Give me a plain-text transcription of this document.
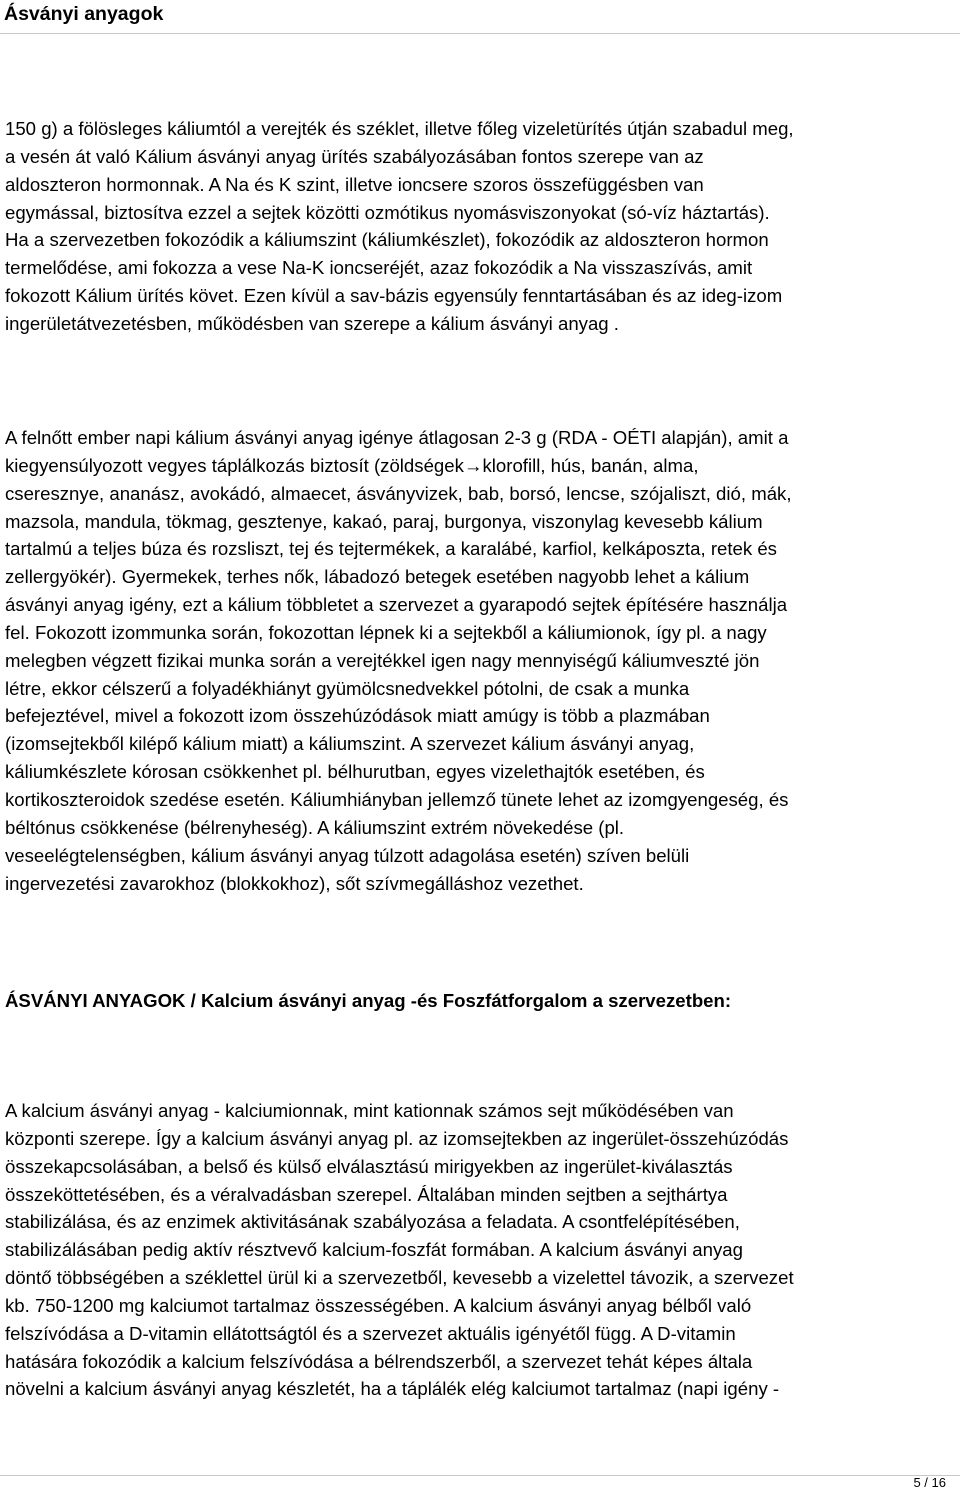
Ásványi anyagok
150 g) a fölösleges káliumtól a verejték és széklet, illetve főleg vizeletürítés útján szabadul meg,
a vesén át való Kálium ásványi anyag ürítés szabályozásában fontos szerepe van az
aldoszteron hormonnak. A Na és K szint, illetve ioncsere szoros összefüggésben van
egymással, biztosítva ezzel a sejtek közötti ozmótikus nyomásviszonyokat (só-víz háztartás).
Ha a szervezetben fokozódik a káliumszint (káliumkészlet), fokozódik az aldoszteron hormon
termelődése, ami fokozza a vese Na-K ioncseréjét, azaz fokozódik a Na visszaszívás, amit
fokozott Kálium ürítés követ. Ezen kívül a sav-bázis egyensúly fenntartásában és az ideg-izom
ingerületátvezetésben, működésben van szerepe a kálium ásványi anyag .
A felnőtt ember napi kálium ásványi anyag igénye átlagosan 2-3 g (RDA - OÉTI alapján), amit a
kiegyensúlyozott vegyes táplálkozás biztosít (zöldségek→klorofill, hús, banán, alma,
cseresznye, ananász, avokádó, almaecet, ásványvizek, bab, borsó, lencse, szójaliszt, dió, mák,
mazsola, mandula, tökmag, gesztenye, kakaó, paraj, burgonya, viszonylag kevesebb kálium
tartalmú a teljes búza és rozsliszt, tej és tejtermékek, a karalábé, karfiol, kelkáposzta, retek és
zellergyökér). Gyermekek, terhes nők, lábadozó betegek esetében nagyobb lehet a kálium
ásványi anyag igény, ezt a kálium többletet a szervezet a gyarapodó sejtek építésére használja
fel. Fokozott izommunka során, fokozottan lépnek ki a sejtekből a káliumionok, így pl. a nagy
melegben végzett fizikai munka során a verejtékkel igen nagy mennyiségű káliumveszté jön
létre, ekkor célszerű a folyadékhiányt gyümölcsnedvekkel pótolni, de csak a munka
befejeztével, mivel a fokozott izom összehúzódások miatt amúgy is több a plazmában
(izomsejtekből kilépő kálium miatt) a káliumszint. A szervezet kálium ásványi anyag,
káliumkészlete kórosan csökkenhet pl. bélhurutban, egyes vizelethajtók esetében, és
kortikoszteroidok szedése esetén. Káliumhiányban jellemző tünete lehet az izomgyengeség, és
béltónus csökkenése (bélrenyheség). A káliumszint extrém növekedése (pl.
veseelégtelenségben, kálium ásványi anyag túlzott adagolása esetén) szíven belüli
ingervezetési zavarokhoz (blokkokhoz), sőt szívmegálláshoz vezethet.
ÁSVÁNYI ANYAGOK / Kalcium ásványi anyag -és Foszfátforgalom a szervezetben:
A kalcium ásványi anyag - kalciumionnak, mint kationnak számos sejt működésében van
központi szerepe. Így a kalcium ásványi anyag pl. az izomsejtekben az ingerület-összehúzódás
összekapcsolásában, a belső és külső elválasztású mirigyekben az ingerület-kiválasztás
összeköttetésében, és a véralvadásban szerepel. Általában minden sejtben a sejthártya
stabilizálása, és az enzimek aktivitásának szabályozása a feladata. A csontfelépítésében,
stabilizálásában pedig aktív résztvevő kalcium-foszfát formában. A kalcium ásványi anyag
döntő többségében a széklettel ürül ki a szervezetből, kevesebb a vizelettel távozik, a szervezet
kb. 750-1200 mg kalciumot tartalmaz összességében. A kalcium ásványi anyag bélből való
felszívódása a D-vitamin ellátottságtól és a szervezet aktuális igényétől függ. A D-vitamin
hatására fokozódik a kalcium felszívódása a bélrendszerből, a szervezet tehát képes általa
növelni a kalcium ásványi anyag készletét, ha a táplálék elég kalciumot tartalmaz (napi igény -
5 / 16
